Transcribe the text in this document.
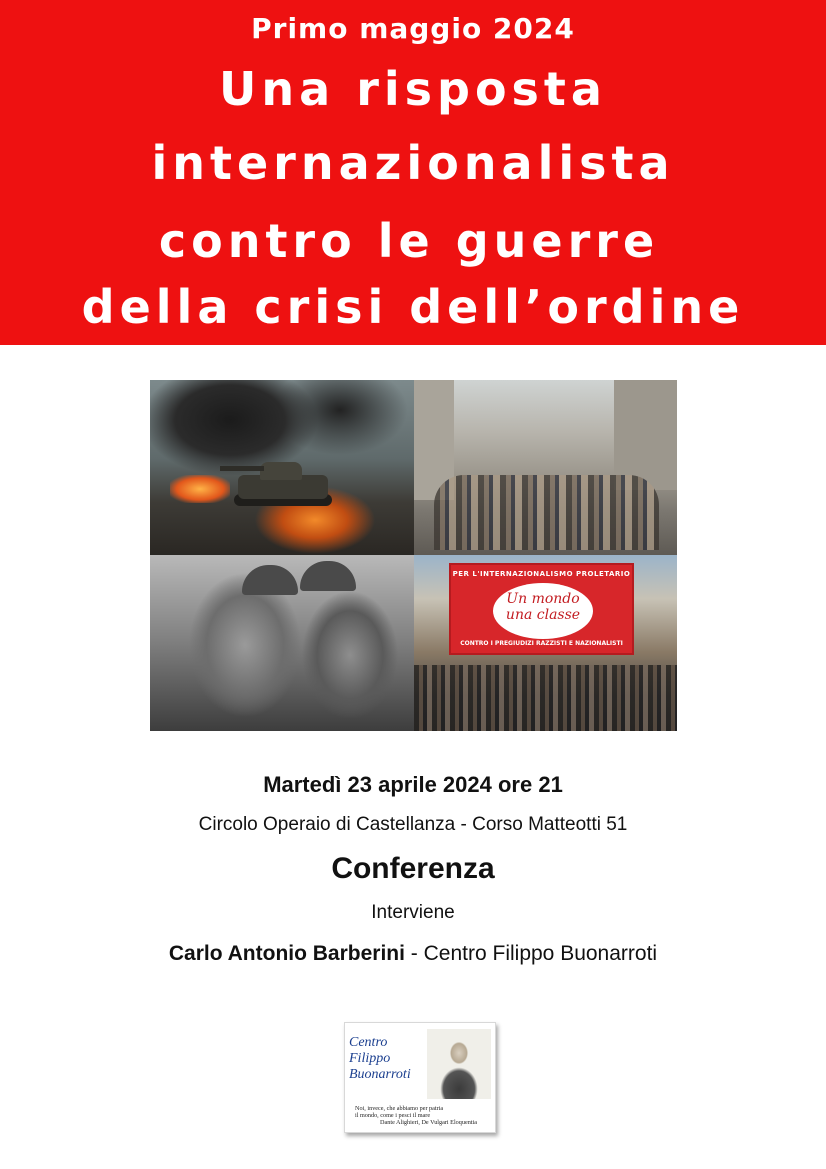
Primo maggio 2024
Una risposta
internazionalista
contro le guerre
della crisi dell’ordine
PER L'INTERNAZIONALISMO PROLETARIO
Un mondo una classe
CONTRO I PREGIUDIZI RAZZISTI E NAZIONALISTI
Martedì 23 aprile 2024 ore 21
Circolo Operaio di Castellanza - Corso Matteotti 51
Conferenza
Interviene
Carlo Antonio Barberini - Centro Filippo Buonarroti
Centro Filippo Buonarroti
Noi, invece, che abbiamo per patria
il mondo, come i pesci il mare
Dante Alighieri, De Vulgari Eloquentia
